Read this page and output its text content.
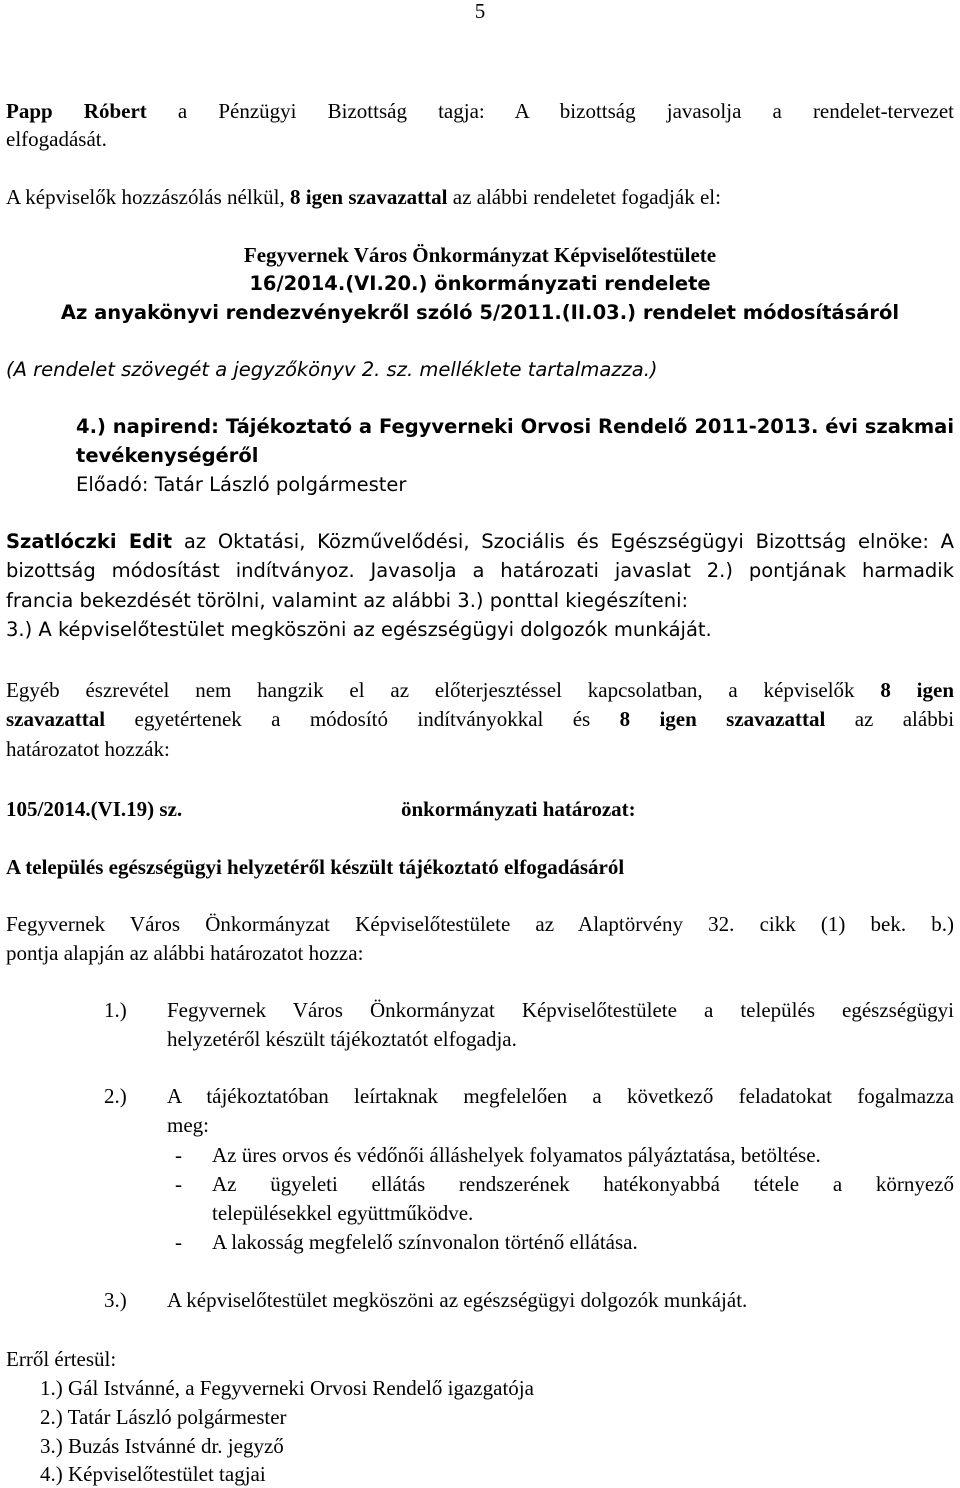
5
Papp Róbert a Pénzügyi Bizottság tagja: A bizottság javasolja a rendelet-tervezet
elfogadását.
A képviselők hozzászólás nélkül, 8 igen szavazattal az alábbi rendeletet fogadják el:
Fegyvernek Város Önkormányzat Képviselőtestülete
16/2014.(VI.20.) önkormányzati rendelete
Az anyakönyvi rendezvényekről szóló 5/2011.(II.03.) rendelet módosításáról
(A rendelet szövegét a jegyzőkönyv 2. sz. melléklete tartalmazza.)
4.) napirend: Tájékoztató a Fegyverneki Orvosi Rendelő 2011-2013. évi szakmai
tevékenységéről
Előadó: Tatár László polgármester
Szatlóczki Edit az Oktatási, Közművelődési, Szociális és Egészségügyi Bizottság elnöke: A
bizottság módosítást indítványoz. Javasolja a határozati javaslat 2.) pontjának harmadik
francia bekezdését törölni, valamint az alábbi 3.) ponttal kiegészíteni:
3.) A képviselőtestület megköszöni az egészségügyi dolgozók munkáját.
Egyéb észrevétel nem hangzik el az előterjesztéssel kapcsolatban, a képviselők 8 igen
szavazattal egyetértenek a módosító indítványokkal és 8 igen szavazattal az alábbi
határozatot hozzák:
105/2014.(VI.19) sz.	önkormányzati határozat:
A település egészségügyi helyzetéről készült tájékoztató elfogadásáról
Fegyvernek Város Önkormányzat Képviselőtestülete az Alaptörvény 32. cikk (1) bek. b.)
pontja alapján az alábbi határozatot hozza:
1.) Fegyvernek Város Önkormányzat Képviselőtestülete a település egészségügyi
helyzetéről készült tájékoztatót elfogadja.
2.) A tájékoztatóban leírtaknak megfelelően a következő feladatokat fogalmazza
meg:
- Az üres orvos és védőnői álláshelyek folyamatos pályáztatása, betöltése.
- Az ügyeleti ellátás rendszerének hatékonyabbá tétele a környező
településekkel együttműködve.
- A lakosság megfelelő színvonalon történő ellátása.
3.) A képviselőtestület megköszöni az egészségügyi dolgozók munkáját.
Erről értesül:
1.) Gál Istvánné, a Fegyverneki Orvosi Rendelő igazgatója
2.) Tatár László polgármester
3.) Buzás Istvánné dr. jegyző
4.) Képviselőtestület tagjai
